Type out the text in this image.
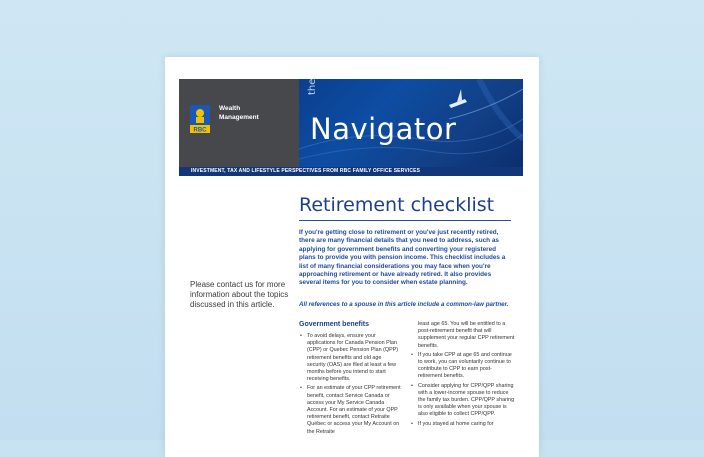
RBC
Wealth
Management
the
Navigator
INVESTMENT, TAX AND LIFESTYLE PERSPECTIVES FROM RBC FAMILY OFFICE SERVICES
Retirement checklist
If you're getting close to retirement or you've just recently retired, there are many financial details that you need to address, such as applying for government benefits and converting your registered plans to provide you with pension income. This checklist includes a list of many financial considerations you may face when you're approaching retirement or have already retired. It also provides several items for you to consider when estate planning.
All references to a spouse in this article include a common-law partner.
Please contact us for more information about the topics discussed in this article.
Government benefits
• To avoid delays, ensure your applications for Canada Pension Plan (CPP) or Quebec Pension Plan (QPP) retirement benefits and old age security (OAS) are filed at least a few months before you intend to start receiving benefits.
• For an estimate of your CPP retirement benefit, contact Service Canada or access your My Service Canada Account. For an estimate of your QPP retirement benefit, contact Retraite Québec or access your My Account on the Retraite
least age 65. You will be entitled to a post-retirement benefit that will supplement your regular CPP retirement benefits.
• If you take CPP at age 65 and continue to work, you can voluntarily continue to contribute to CPP to earn post-retirement benefits.
• Consider applying for CPP/QPP sharing with a lower-income spouse to reduce the family tax burden. CPP/QPP sharing is only available when your spouse is also eligible to collect CPP/QPP.
• If you stayed at home caring for
